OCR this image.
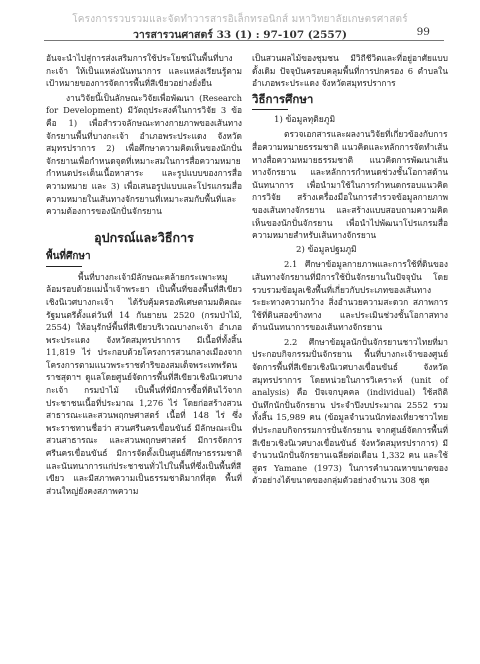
โครงการรวบรวมและจัดทำวารสารอิเล็กทรอนิกส์ มหาวิทยาลัยเกษตรศาสตร์
วารสารวนศาสตร์ 33 (1) : 97-107 (2557)	99

อันจะนำไปสู่การส่งเสริมการใช้ประโยชน์ในพื้นที่บางกะเจ้า ให้เป็นแหล่งนันทนาการ และแหล่งเรียนรู้ตามเป้าหมายของการจัดการพื้นที่สีเขียวอย่างยั่งยืน

งานวิจัยนี้เป็นลักษณะวิจัยเพื่อพัฒนา (Research for Development) มีวัตถุประสงค์ในการวิจัย 3 ข้อ คือ 1) เพื่อสำรวจลักษณะทางกายภาพของเส้นทางจักรยานพื้นที่บางกะเจ้า อำเภอพระประแดง จังหวัดสมุทรปราการ 2) เพื่อศึกษาความคิดเห็นของนักปั่นจักรยานเพื่อกำหนดจุดที่เหมาะสมในการสื่อความหมาย กำหนดประเด็นเนื้อหาสาระ และรูปแบบของการสื่อความหมาย และ 3) เพื่อเสนอรูปแบบและโปรแกรมสื่อความหมายในเส้นทางจักรยานที่เหมาะสมกับพื้นที่และความต้องการของนักปั่นจักรยาน

อุปกรณ์และวิธีการ
พื้นที่ศึกษา

พื้นที่บางกะเจ้ามีลักษณะคล้ายกระเพาะหมูล้อมรอบด้วยแม่น้ำเจ้าพระยา เป็นพื้นที่ของพื้นที่สีเขียวเชิงนิเวศบางกะเจ้า ได้รับคุ้มครองพิเศษตามมติคณะรัฐมนตรีตั้งแต่วันที่ 14 กันยายน 2520 (กรมป่าไม้, 2554) ให้อนุรักษ์พื้นที่สีเขียวบริเวณบางกะเจ้า อำเภอพระประแดง จังหวัดสมุทรปราการ มีเนื้อที่ทั้งสิ้น 11,819 ไร่ ประกอบด้วยโครงการสวนกลางเมืองจากโครงการตามแนวพระราชดำริของสมเด็จพระเทพรัตนราชสุดาฯ ดูแลโดยศูนย์จัดการพื้นที่สีเขียวเชิงนิเวศบางกะเจ้า กรมป่าไม้ เป็นพื้นที่ที่มีการซื้อที่ดินไว้จากประชาชนเนื้อที่ประมาณ 1,276 ไร่ โดยก่อสร้างสวนสาธารณะและสวนพฤกษศาสตร์ เนื้อที่ 148 ไร่ ซึ่งพระราชทานชื่อว่า สวนศรีนครเขื่อนขันธ์ มีลักษณะเป็นสวนสาธารณะ และสวนพฤกษศาสตร์ มีการจัดการศรีนครเขื่อนขันธ์ มีการจัดตั้งเป็นศูนย์ศึกษาธรรมชาติและนันทนาการแก่ประชาชนทั่วไปในพื้นที่ซึ่งเป็นพื้นที่สีเขียว และมีสภาพความเป็นธรรมชาติมากที่สุด พื้นที่ส่วนใหญ่ยังคงสภาพความ

เป็นสวนผลไม้ของชุมชน มีวิถีชีวิตและที่อยู่อาศัยแบบดั้งเดิม ปัจจุบันครอบคลุมพื้นที่การปกครอง 6 ตำบลในอำเภอพระประแดง จังหวัดสมุทรปราการ

วิธีการศึกษา

1) ข้อมูลทุติยภูมิ

ตรวจเอกสารและผลงานวิจัยที่เกี่ยวข้องกับการสื่อความหมายธรรมชาติ แนวคิดและหลักการจัดทำเส้นทางสื่อความหมายธรรมชาติ แนวคิดการพัฒนาเส้นทางจักรยาน และหลักการกำหนดช่วงชั้นโอกาสด้านนันทนาการ เพื่อนำมาใช้ในการกำหนดกรอบแนวคิดการวิจัย สร้างเครื่องมือในการสำรวจข้อมูลกายภาพของเส้นทางจักรยาน และสร้างแบบสอบถามความคิดเห็นของนักปั่นจักรยาน เพื่อนำไปพัฒนาโปรแกรมสื่อความหมายสำหรับเส้นทางจักรยาน

2) ข้อมูลปฐมภูมิ

2.1 ศึกษาข้อมูลกายภาพและการใช้ที่ดินของเส้นทางจักรยานที่มีการใช้ปั่นจักรยานในปัจจุบัน โดยรวบรวมข้อมูลเชิงพื้นที่เกี่ยวกับประเภทของเส้นทาง ระยะทางความกว้าง สิ่งอำนวยความสะดวก สภาพการใช้ที่ดินสองข้างทาง และประเมินช่วงชั้นโอกาสทางด้านนันทนาการของเส้นทางจักรยาน

2.2 ศึกษาข้อมูลนักปั่นจักรยานชาวไทยที่มาประกอบกิจกรรมปั่นจักรยาน พื้นที่บางกะเจ้าของศูนย์จัดการพื้นที่สีเขียวเชิงนิเวศบางเขื่อนขันธ์ จังหวัดสมุทรปราการ โดยหน่วยในการวิเคราะห์ (unit of analysis) คือ ปัจเจกบุคคล (individual) ใช้สถิติบันทึกนักปั่นจักรยาน ประจำปีงบประมาณ 2552 รวมทั้งสิ้น 15,989 คน (ข้อมูลจำนวนนักท่องเที่ยวชาวไทยที่ประกอบกิจกรรมการปั่นจักรยาน จากศูนย์จัดการพื้นที่สีเขียวเชิงนิเวศบางเขื่อนขันธ์ จังหวัดสมุทรปราการ) มีจำนวนนักปั่นจักรยานเฉลี่ยต่อเดือน 1,332 คน และใช้สูตร Yamane (1973) ในการคำนวณหาขนาดของตัวอย่างได้ขนาดของกลุ่มตัวอย่างจำนวน 308 ชุด
